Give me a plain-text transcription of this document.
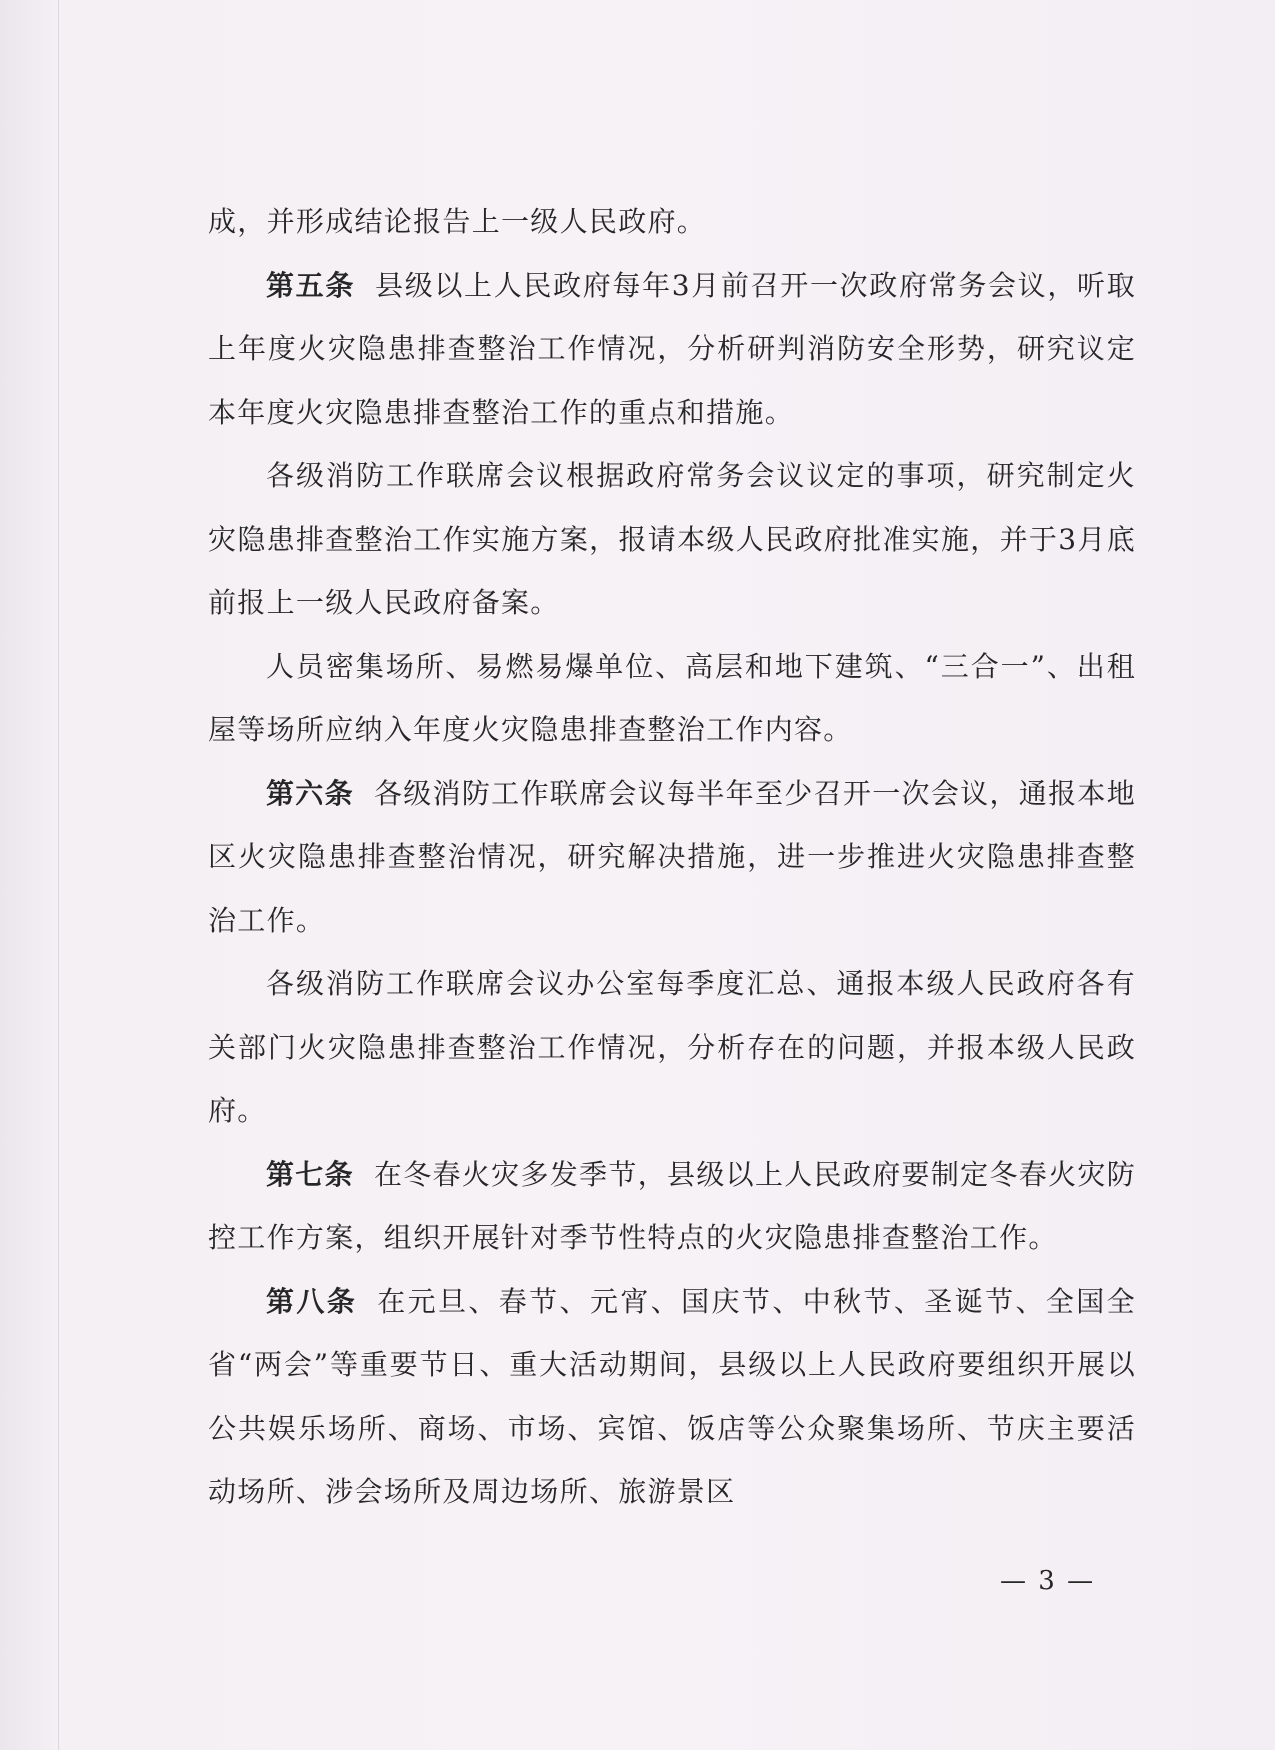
成，并形成结论报告上一级人民政府。

第五条 县级以上人民政府每年3月前召开一次政府常务会议，听取上年度火灾隐患排查整治工作情况，分析研判消防安全形势，研究议定本年度火灾隐患排查整治工作的重点和措施。

各级消防工作联席会议根据政府常务会议议定的事项，研究制定火灾隐患排查整治工作实施方案，报请本级人民政府批准实施，并于3月底前报上一级人民政府备案。

人员密集场所、易燃易爆单位、高层和地下建筑、“三合一”、出租屋等场所应纳入年度火灾隐患排查整治工作内容。

第六条 各级消防工作联席会议每半年至少召开一次会议，通报本地区火灾隐患排查整治情况，研究解决措施，进一步推进火灾隐患排查整治工作。

各级消防工作联席会议办公室每季度汇总、通报本级人民政府各有关部门火灾隐患排查整治工作情况，分析存在的问题，并报本级人民政府。

第七条 在冬春火灾多发季节，县级以上人民政府要制定冬春火灾防控工作方案，组织开展针对季节性特点的火灾隐患排查整治工作。

第八条 在元旦、春节、元宵、国庆节、中秋节、圣诞节、全国全省“两会”等重要节日、重大活动期间，县级以上人民政府要组织开展以公共娱乐场所、商场、市场、宾馆、饭店等公众聚集场所、节庆主要活动场所、涉会场所及周边场所、旅游景区

— 3 —
